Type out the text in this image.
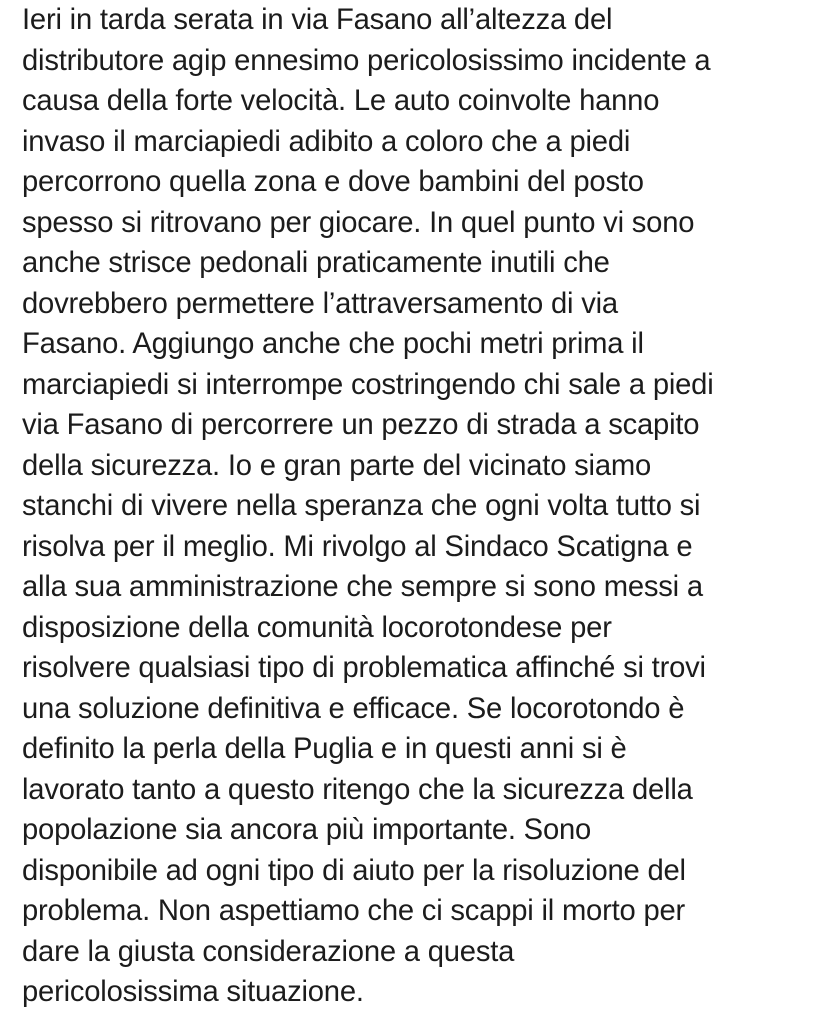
Ieri in tarda serata in via Fasano all’altezza del
distributore agip ennesimo pericolosissimo incidente a
causa della forte velocità. Le auto coinvolte hanno
invaso il marciapiedi adibito a coloro che a piedi
percorrono quella zona e dove bambini del posto
spesso si ritrovano per giocare. In quel punto vi sono
anche strisce pedonali praticamente inutili che
dovrebbero permettere l’attraversamento di via
Fasano. Aggiungo anche che pochi metri prima il
marciapiedi si interrompe costringendo chi sale a piedi
via Fasano di percorrere un pezzo di strada a scapito
della sicurezza. Io e gran parte del vicinato siamo
stanchi di vivere nella speranza che ogni volta tutto si
risolva per il meglio. Mi rivolgo al Sindaco Scatigna e
alla sua amministrazione che sempre si sono messi a
disposizione della comunità locorotondese per
risolvere qualsiasi tipo di problematica affinché si trovi
una soluzione definitiva e efficace. Se locorotondo è
definito la perla della Puglia e in questi anni si è
lavorato tanto a questo ritengo che la sicurezza della
popolazione sia ancora più importante. Sono
disponibile ad ogni tipo di aiuto per la risoluzione del
problema. Non aspettiamo che ci scappi il morto per
dare la giusta considerazione a questa
pericolosissima situazione.
